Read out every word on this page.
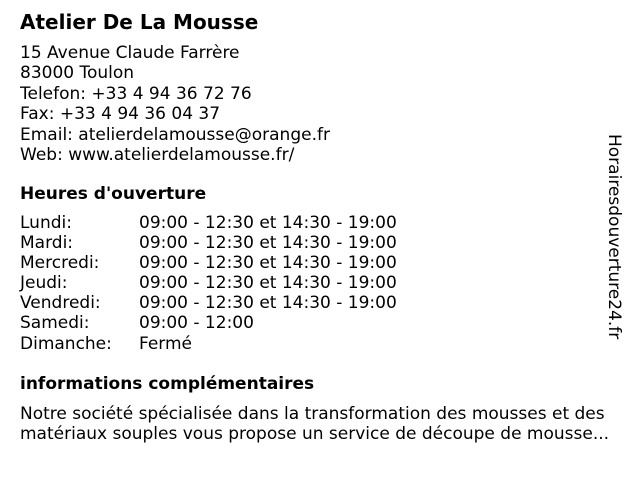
Atelier De La Mousse
15 Avenue Claude Farrère
83000 Toulon
Telefon: +33 4 94 36 72 76
Fax: +33 4 94 36 04 37
Email: atelierdelamousse@orange.fr
Web: www.atelierdelamousse.fr/
Heures d'ouverture
Lundi:	09:00 - 12:30 et 14:30 - 19:00
Mardi:	09:00 - 12:30 et 14:30 - 19:00
Mercredi: 09:00 - 12:30 et 14:30 - 19:00
Jeudi:	09:00 - 12:30 et 14:30 - 19:00
Vendredi: 09:00 - 12:30 et 14:30 - 19:00
Samedi:	09:00 - 12:00
Dimanche: Fermé
informations complémentaires
Notre société spécialisée dans la transformation des mousses et des
matériaux souples vous propose un service de découpe de mousse...
Horairesdouverture24.fr
